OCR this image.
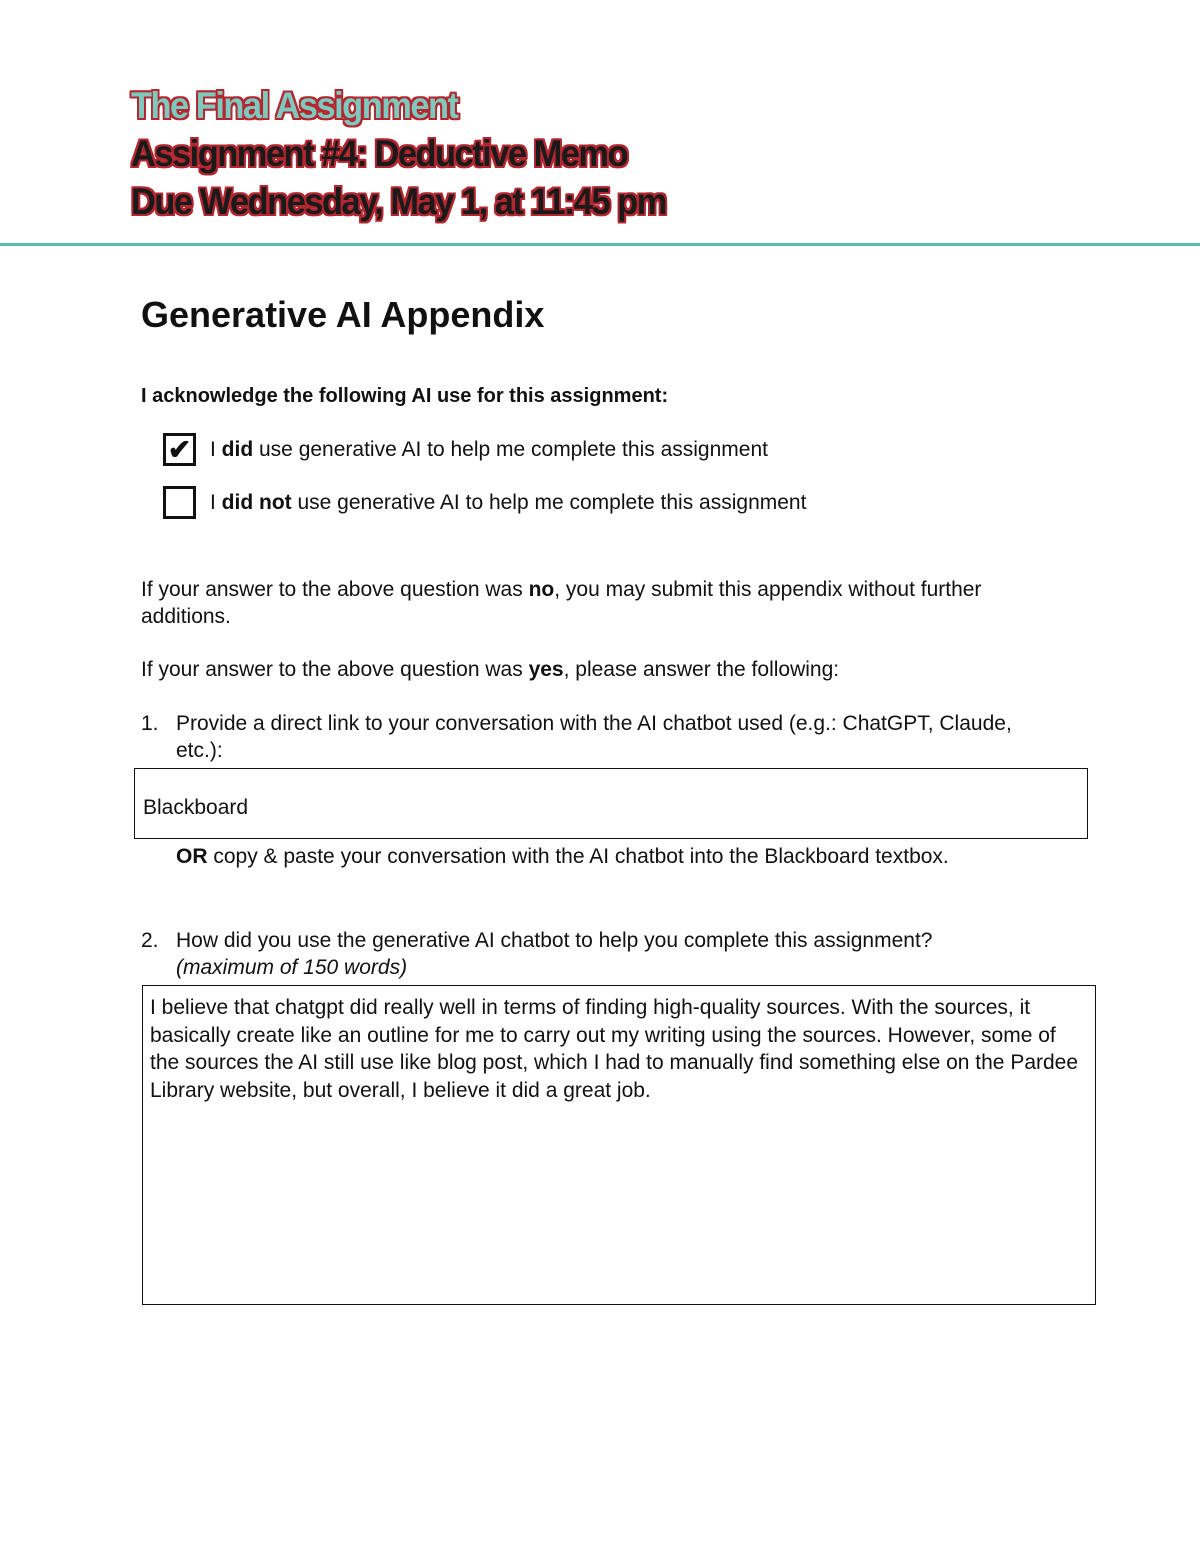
The Final Assignment
Assignment #4: Deductive Memo
Due Wednesday, May 1, at 11:45 pm
Generative AI Appendix
I acknowledge the following AI use for this assignment:
✔ I did use generative AI to help me complete this assignment
I did not use generative AI to help me complete this assignment
If your answer to the above question was no, you may submit this appendix without further additions.
If your answer to the above question was yes, please answer the following:
1. Provide a direct link to your conversation with the AI chatbot used (e.g.: ChatGPT, Claude, etc.):
Blackboard
OR copy & paste your conversation with the AI chatbot into the Blackboard textbox.
2. How did you use the generative AI chatbot to help you complete this assignment?
(maximum of 150 words)
I believe that chatgpt did really well in terms of finding high-quality sources. With the sources, it basically create like an outline for me to carry out my writing using the sources. However, some of the sources the AI still use like blog post, which I had to manually find something else on the Pardee Library website, but overall, I believe it did a great job.
